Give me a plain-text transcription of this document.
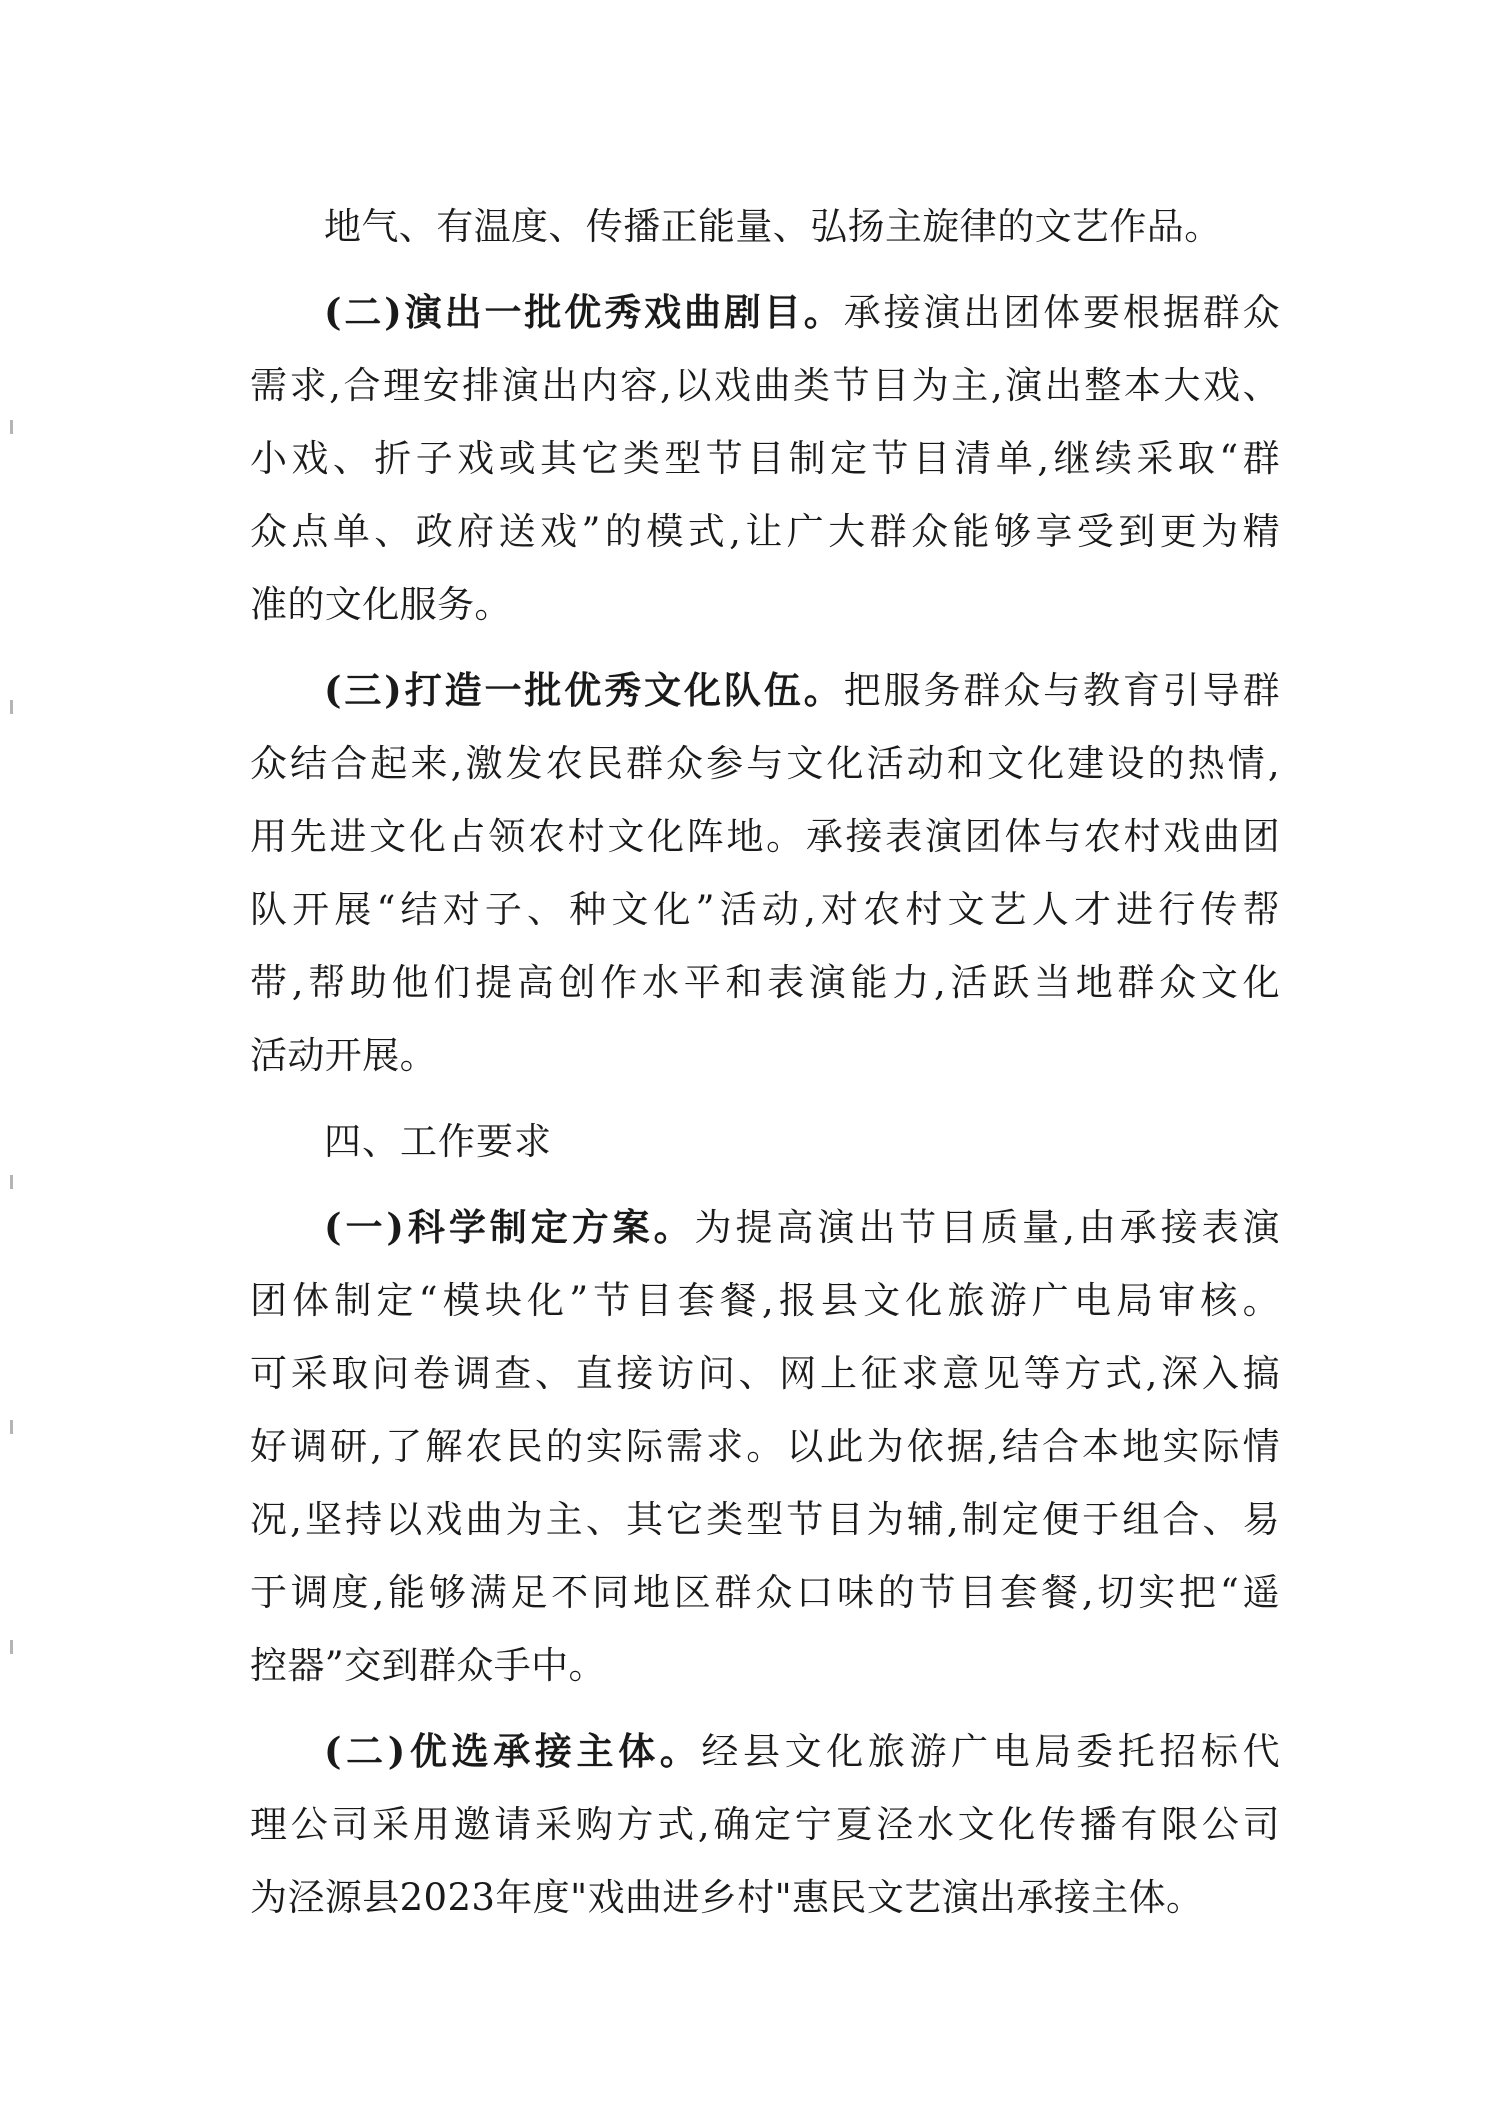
地气、有温度、传播正能量、弘扬主旋律的文艺作品。
(二)演出一批优秀戏曲剧目。承接演出团体要根据群众
需求,合理安排演出内容,以戏曲类节目为主,演出整本大戏、
小戏、折子戏或其它类型节目制定节目清单,继续采取“群
众点单、政府送戏”的模式,让广大群众能够享受到更为精
准的文化服务。
(三)打造一批优秀文化队伍。把服务群众与教育引导群
众结合起来,激发农民群众参与文化活动和文化建设的热情,
用先进文化占领农村文化阵地。承接表演团体与农村戏曲团
队开展“结对子、种文化”活动,对农村文艺人才进行传帮
带,帮助他们提高创作水平和表演能力,活跃当地群众文化
活动开展。
四、工作要求
(一)科学制定方案。为提高演出节目质量,由承接表演
团体制定“模块化”节目套餐,报县文化旅游广电局审核。
可采取问卷调查、直接访问、网上征求意见等方式,深入搞
好调研,了解农民的实际需求。以此为依据,结合本地实际情
况,坚持以戏曲为主、其它类型节目为辅,制定便于组合、易
于调度,能够满足不同地区群众口味的节目套餐,切实把“遥
控器”交到群众手中。
(二)优选承接主体。经县文化旅游广电局委托招标代
理公司采用邀请采购方式,确定宁夏泾水文化传播有限公司
为泾源县2023年度"戏曲进乡村"惠民文艺演出承接主体。
